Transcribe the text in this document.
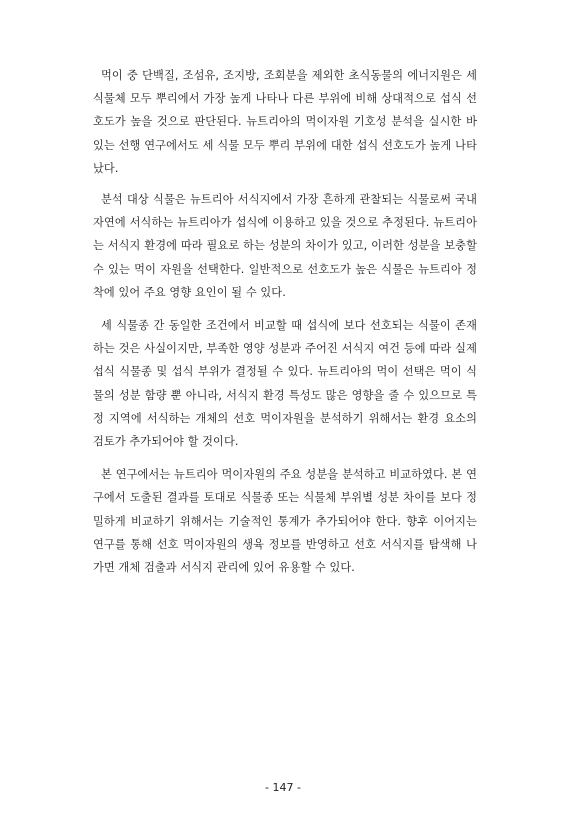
먹이 중 단백질, 조섬유, 조지방, 조회분을 제외한 초식동물의 에너지원은 세 식물체 모두 뿌리에서 가장 높게 나타나 다른 부위에 비해 상대적으로 섭식 선호도가 높을 것으로 판단된다. 뉴트리아의 먹이자원 기호성 분석을 실시한 바 있는 선행 연구에서도 세 식물 모두 뿌리 부위에 대한 섭식 선호도가 높게 나타났다.

분석 대상 식물은 뉴트리아 서식지에서 가장 흔하게 관찰되는 식물로써 국내 자연에 서식하는 뉴트리아가 섭식에 이용하고 있을 것으로 추정된다. 뉴트리아는 서식지 환경에 따라 필요로 하는 성분의 차이가 있고, 이러한 성분을 보충할 수 있는 먹이 자원을 선택한다. 일반적으로 선호도가 높은 식물은 뉴트리아 정착에 있어 주요 영향 요인이 될 수 있다.

세 식물종 간 동일한 조건에서 비교할 때 섭식에 보다 선호되는 식물이 존재하는 것은 사실이지만, 부족한 영양 성분과 주어진 서식지 여건 등에 따라 실제 섭식 식물종 및 섭식 부위가 결정될 수 있다. 뉴트리아의 먹이 선택은 먹이 식물의 성분 함량 뿐 아니라, 서식지 환경 특성도 많은 영향을 줄 수 있으므로 특정 지역에 서식하는 개체의 선호 먹이자원을 분석하기 위해서는 환경 요소의 검토가 추가되어야 할 것이다.

본 연구에서는 뉴트리아 먹이자원의 주요 성분을 분석하고 비교하였다. 본 연구에서 도출된 결과를 토대로 식물종 또는 식물체 부위별 성분 차이를 보다 정밀하게 비교하기 위해서는 기술적인 통계가 추가되어야 한다. 향후 이어지는 연구를 통해 선호 먹이자원의 생육 정보를 반영하고 선호 서식지를 탐색해 나가면 개체 검출과 서식지 관리에 있어 유용할 수 있다.

- 147 -
